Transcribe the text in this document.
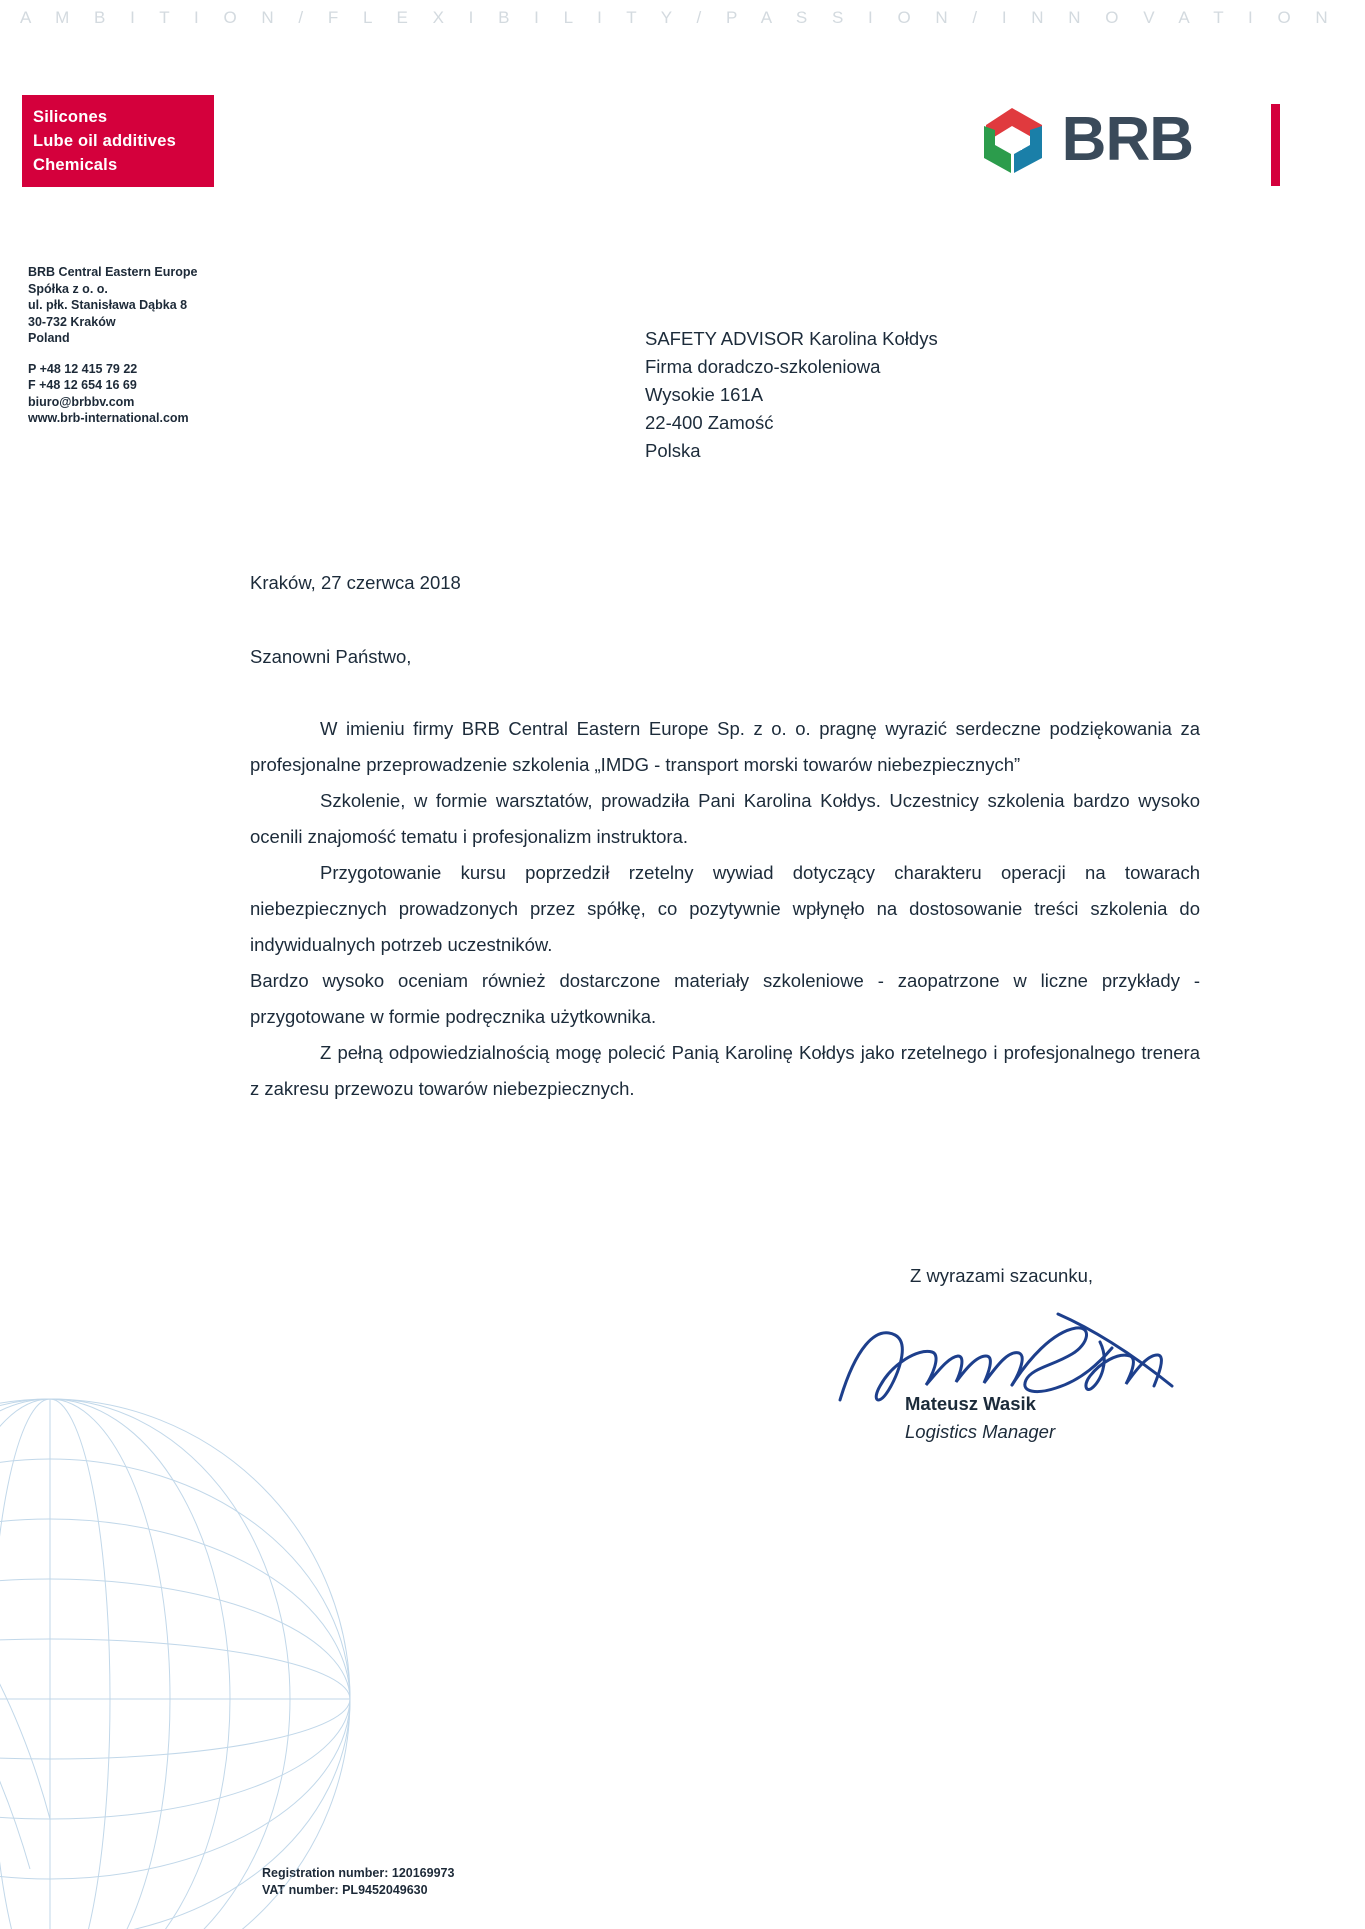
A M B I T I O N / F L E X I B I L I T Y / P A S S I O N / I N N O V A T I O N
Silicones
Lube oil additives
Chemicals	BRB
BRB Central Eastern Europe
Spółka z o. o.
ul. płk. Stanisława Dąbka 8
30-732 Kraków
Poland
P +48 12 415 79 22
F +48 12 654 16 69
biuro@brbbv.com
www.brb-international.com
SAFETY ADVISOR Karolina Kołdys
Firma doradczo-szkoleniowa
Wysokie 161A
22-400 Zamość
Polska
Kraków, 27 czerwca 2018
Szanowni Państwo,

W imieniu firmy BRB Central Eastern Europe Sp. z o. o. pragnę wyrazić serdeczne podziękowania za profesjonalne przeprowadzenie szkolenia „IMDG - transport morski towarów niebezpiecznych”

Szkolenie, w formie warsztatów, prowadziła Pani Karolina Kołdys. Uczestnicy szkolenia bardzo wysoko ocenili znajomość tematu i profesjonalizm instruktora.

Przygotowanie kursu poprzedził rzetelny wywiad dotyczący charakteru operacji na towarach niebezpiecznych prowadzonych przez spółkę, co pozytywnie wpłynęło na dostosowanie treści szkolenia do indywidualnych potrzeb uczestników.

Bardzo wysoko oceniam również dostarczone materiały szkoleniowe - zaopatrzone w liczne przykłady - przygotowane w formie podręcznika użytkownika.

Z pełną odpowiedzialnością mogę polecić Panią Karolinę Kołdys jako rzetelnego i profesjonalnego trenera z zakresu przewozu towarów niebezpiecznych.

Z wyrazami szacunku,
Mateusz Wasik
Logistics Manager
Registration number: 120169973
VAT number: PL9452049630
